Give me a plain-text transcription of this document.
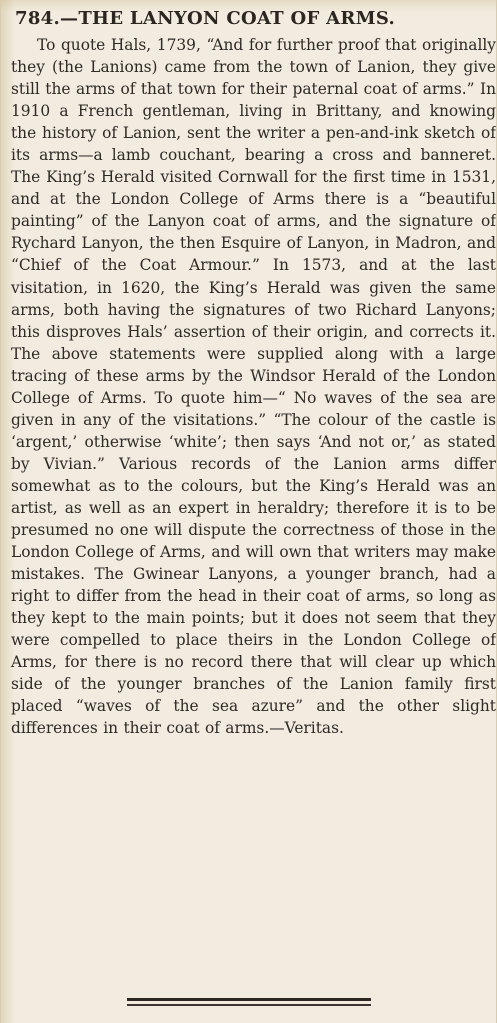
784.—THE LANYON COAT OF ARMS.
To quote Hals, 1739, “And for further proof that originally they (the Lanions) came from the town of Lanion, they give still the arms of that town for their paternal coat of arms.” In 1910 a French gentleman, living in Brittany, and knowing the history of Lanion, sent the writer a pen-and-ink sketch of its arms—a lamb couchant, bearing a cross and banneret. The King’s Herald visited Cornwall for the first time in 1531, and at the London College of Arms there is a “beautiful painting” of the Lanyon coat of arms, and the signature of Rychard Lanyon, the then Esquire of Lanyon, in Madron, and “Chief of the Coat Armour.” In 1573, and at the last visitation, in 1620, the King’s Herald was given the same arms, both having the signatures of two Richard Lanyons; this disproves Hals’ assertion of their origin, and corrects it. The above statements were supplied along with a large tracing of these arms by the Windsor Herald of the London College of Arms. To quote him—“ No waves of the sea are given in any of the visitations.” “The colour of the castle is ‘argent,’ otherwise ‘white’; then says ‘And not or,’ as stated by Vivian.” Various records of the Lanion arms differ somewhat as to the colours, but the King’s Herald was an artist, as well as an expert in heraldry; therefore it is to be presumed no one will dispute the correctness of those in the London College of Arms, and will own that writers may make mistakes. The Gwinear Lanyons, a younger branch, had a right to differ from the head in their coat of arms, so long as they kept to the main points; but it does not seem that they were compelled to place theirs in the London College of Arms, for there is no record there that will clear up which side of the younger branches of the Lanion family first placed “waves of the sea azure” and the other slight differences in their coat of arms.—Veritas.
